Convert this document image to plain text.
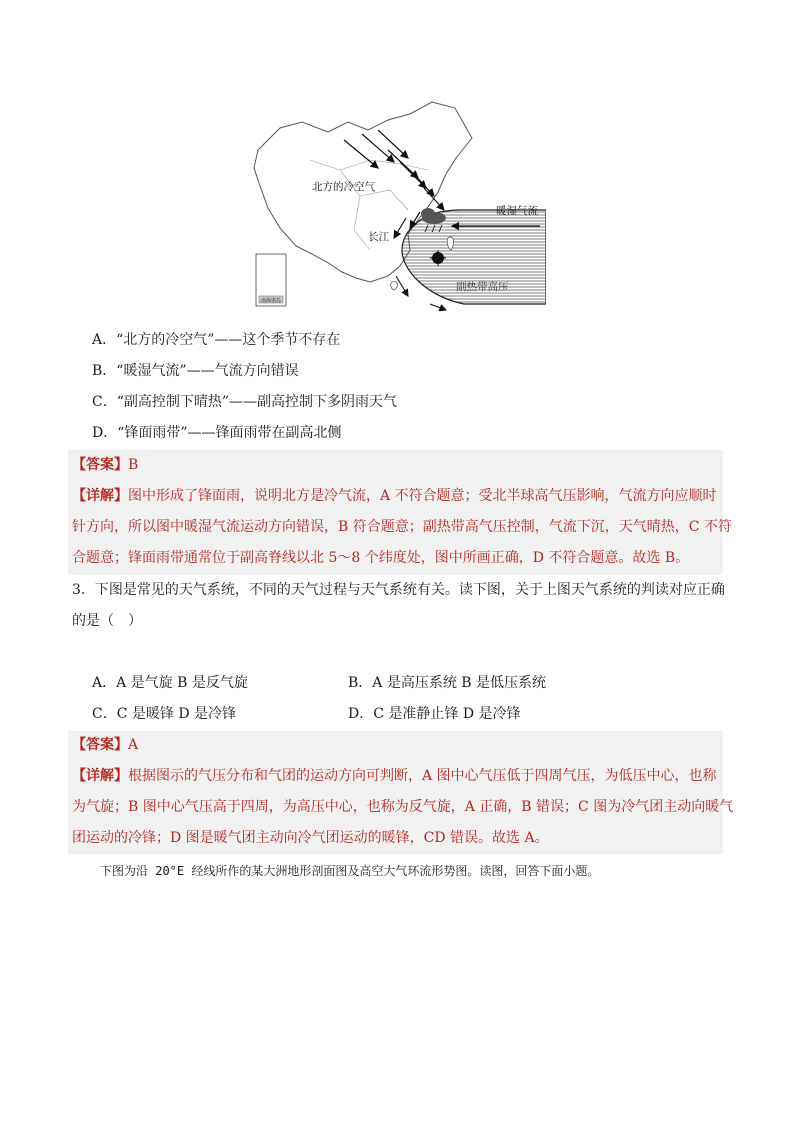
北方的冷空气
暖湿气流
长江
副热带高压
南海诸岛
A．“北方的冷空气”——这个季节不存在
B．“暖湿气流”——气流方向错误
C．“副高控制下晴热”——副高控制下多阴雨天气
D．“锋面雨带”——锋面雨带在副高北侧
【答案】B
【详解】图中形成了锋面雨，说明北方是冷气流，A 不符合题意；受北半球高气压影响，气流方向应顺时
针方向，所以图中暖湿气流运动方向错误，B 符合题意；副热带高气压控制，气流下沉，天气晴热，C 不符
合题意；锋面雨带通常位于副高脊线以北 5～8 个纬度处，图中所画正确，D 不符合题意。故选 B。
3．下图是常见的天气系统，不同的天气过程与天气系统有关。读下图，关于上图天气系统的判读对应正确
的是（　）
A．A 是气旋 B 是反气旋	B．A 是高压系统 B 是低压系统
C．C 是暖锋 D 是冷锋	D．C 是准静止锋 D 是冷锋
【答案】A
【详解】根据图示的气压分布和气团的运动方向可判断，A 图中心气压低于四周气压，为低压中心，也称
为气旋；B 图中心气压高于四周，为高压中心，也称为反气旋，A 正确，B 错误；C 图为冷气团主动向暖气
团运动的冷锋；D 图是暖气团主动向冷气团运动的暖锋，CD 错误。故选 A。
下图为沿 20°E 经线所作的某大洲地形剖面图及高空大气环流形势图。读图，回答下面小题。
